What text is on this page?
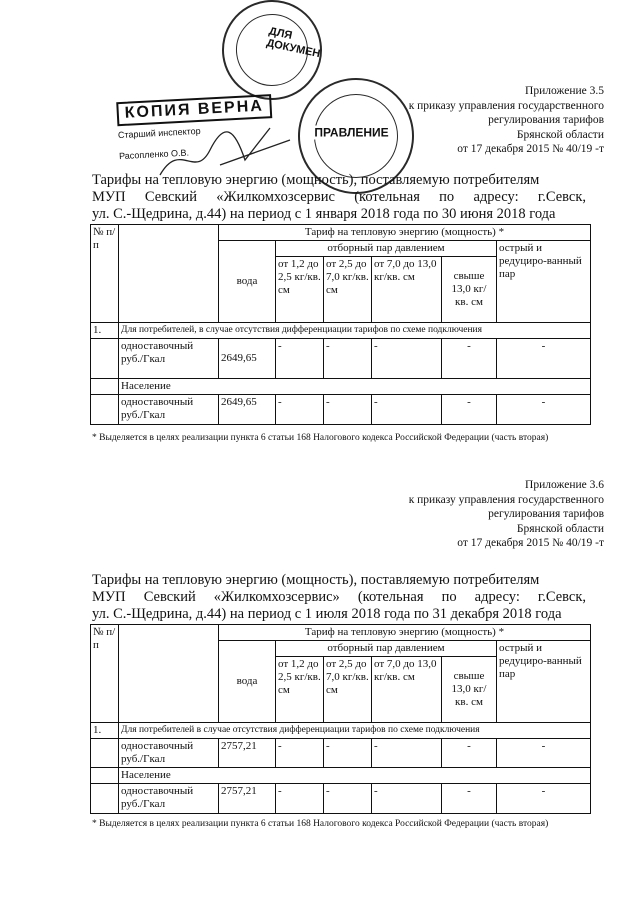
ДЛЯ ДОКУМЕН
ПРАВЛЕНИЕ
КОПИЯ ВЕРНА
Старший инспектор
Расопленко О.В.
Приложение 3.5
к приказу управления государственного
регулирования тарифов
Брянской области
от 17 декабря 2015 № 40/19 -т
Тарифы на тепловую энергию (мощность), поставляемую потребителям
МУП Севский «Жилкомхозсервис (котельная по адресу: г.Севск,
ул. С.-Щедрина, д.44) на период с 1 января 2018 года по 30 июня 2018 года
№ п/п		Тариф на тепловую энергию (мощность) *					
		вода	отборный пар давлением				острый и редуциро-ванный пар
			от 1,2 до 2,5 кг/кв. см	от 2,5 до 7,0 кг/кв. см	от 7,0 до 13,0 кг/кв. см	свыше 13,0 кг/ кв. см	
1.	Для потребителей, в случае отсутствия дифференциации тарифов по схеме подключения						
	одноставочный руб./Гкал	2649,65	-	-	-	-	-
	Население						
	одноставочный руб./Гкал	2649,65	-	-	-	-	-
* Выделяется в целях реализации пункта 6 статьи 168 Налогового кодекса Российской Федерации (часть вторая)
Приложение 3.6
к приказу управления государственного
регулирования тарифов
Брянской области
от 17 декабря 2015 № 40/19 -т
Тарифы на тепловую энергию (мощность), поставляемую потребителям
МУП Севский «Жилкомхозсервис» (котельная по адресу: г.Севск,
ул. С.-Щедрина, д.44) на период с 1 июля 2018 года по 31 декабря 2018 года
№ п/п		Тариф на тепловую энергию (мощность) *					
		вода	отборный пар давлением				острый и редуциро-ванный пар
			от 1,2 до 2,5 кг/кв. см	от 2,5 до 7,0 кг/кв. см	от 7,0 до 13,0 кг/кв. см	свыше 13,0 кг/ кв. см	
1.	Для потребителей в случае отсутствия дифференциации тарифов по схеме подключения						
	одноставочный руб./Гкал	2757,21	-	-	-	-	-
	Население						
	одноставочный руб./Гкал	2757,21	-	-	-	-	-
* Выделяется в целях реализации пункта 6 статьи 168 Налогового кодекса Российской Федерации (часть вторая)
